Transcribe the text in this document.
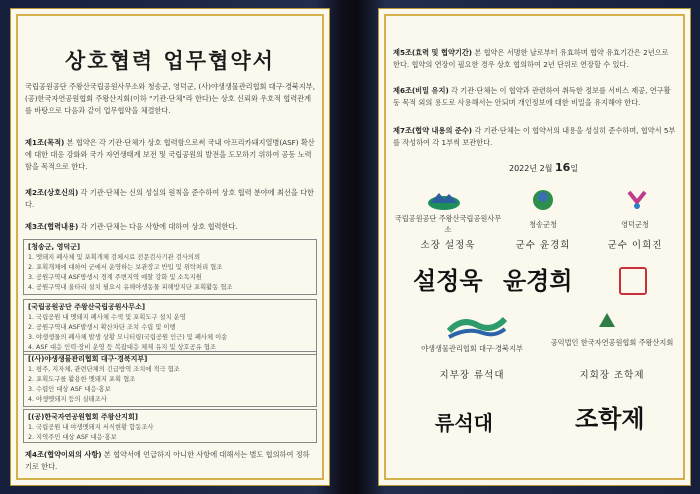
상호협력 업무협약서
국립공원공단 주왕산국립공원사무소와 청송군, 영덕군, (사)야생생물관리협회 대구·경북지부, (공)한국자연공원협회 주왕산지회(이하 "기관·단체"라 한다)는 상호 신뢰와 우호적 협력관계를 바탕으로 다음과 같이 업무협약을 체결한다.
제1조(목적) 본 협약은 각 기관·단체가 상호 협력함으로써 국내 아프리카돼지열병(ASF) 확산에 대한 대응 강화와 국가 자연생태계 보전 및 국립공원의 발전을 도모하기 위하여 공동 노력함을 목적으로 한다.
제2조(상호신의) 각 기관·단체는 신의 성실의 원칙을 준수하여 상호 협력 분야에 최선을 다한다.
제3조(협력내용) 각 기관·단체는 다음 사항에 대하여 상호 협력한다.
[청송군, 영덕군]
1. 멧돼지 폐사체 및 포획개체 검체시료 전문검사기관 검사의뢰
2. 포획개체에 대하여 군에서 운영하는 보관장고 반입 및 위탁처리 협조
3. 공원구역내 ASF방생시 경계 주변지역 예찰 강화 및 소독지원
4. 공원구역내 울타리 설치 필요시 유해야생동물 피해방지단 포획활동 협조
[국립공원공단 주왕산국립공원사무소]
1. 국립공원 내 멧돼지 폐사체 수색 및 포획도구 설치 운영
2. 공원구역내 ASF발생시 확산차단 조치 수립 및 이행
3. 야생생물의 폐사체 발생 상황 모니터링(국립공원 인근) 및 폐사체 이송
4. ASF 대응 인력·장비 운영 등 복잡대응 체제 유지 및 상호공유 협조
[(사)야생생물관리협회 대구·경북지부]
1. 평주, 지자체, 관련단체의 긴급방역 조치에 적극 협조
2. 포획도구를 활용한 멧돼지 포획 협조
3. 수렵인 대상 ASF 대응·홍보
4. 야생멧돼지 등의 실태조사
[(공)한국자연공원협회 주왕산지회]
1. 국립공원 내 야생멧돼지 서식현황 합동조사
2. 지역주민 대상 ASF 대응·홍보
제4조(협약이외의 사항) 본 협약서에 언급하지 아니한 사항에 대해서는 별도 협의하여 정하기로 한다.
제5조(효력 및 협약기간) 본 협약은 서명한 날로부터 유효하며 협약 유효기간은 2년으로 한다. 협약의 연장이 필요한 경우 상호 협의하여 2년 단위로 연장할 수 있다.
제6조(비밀 유지) 각 기관·단체는 이 협약과 관련하여 취득한 정보를 서비스 제공, 연구활동 목적 외의 용도로 사용해서는 안되며 개인정보에 대한 비밀을 유지해야 한다.
제7조(협약 내용의 준수) 각 기관·단체는 이 협약서의 내용을 성실히 준수하며, 협약서 5부를 작성하여 각 1부씩 보관한다.
2022년 2월 16일
국립공원공단 주왕산국립공원사무소
소장 설정욱
청송군청
군수 윤경희
영덕군청
군수 이희진
설정욱 윤경희
야생생물관리협회 대구·경북지부
지부장 류석대
공익법인 한국자연공원협회 주왕산지회
지회장 조학제
류석대	조학제
